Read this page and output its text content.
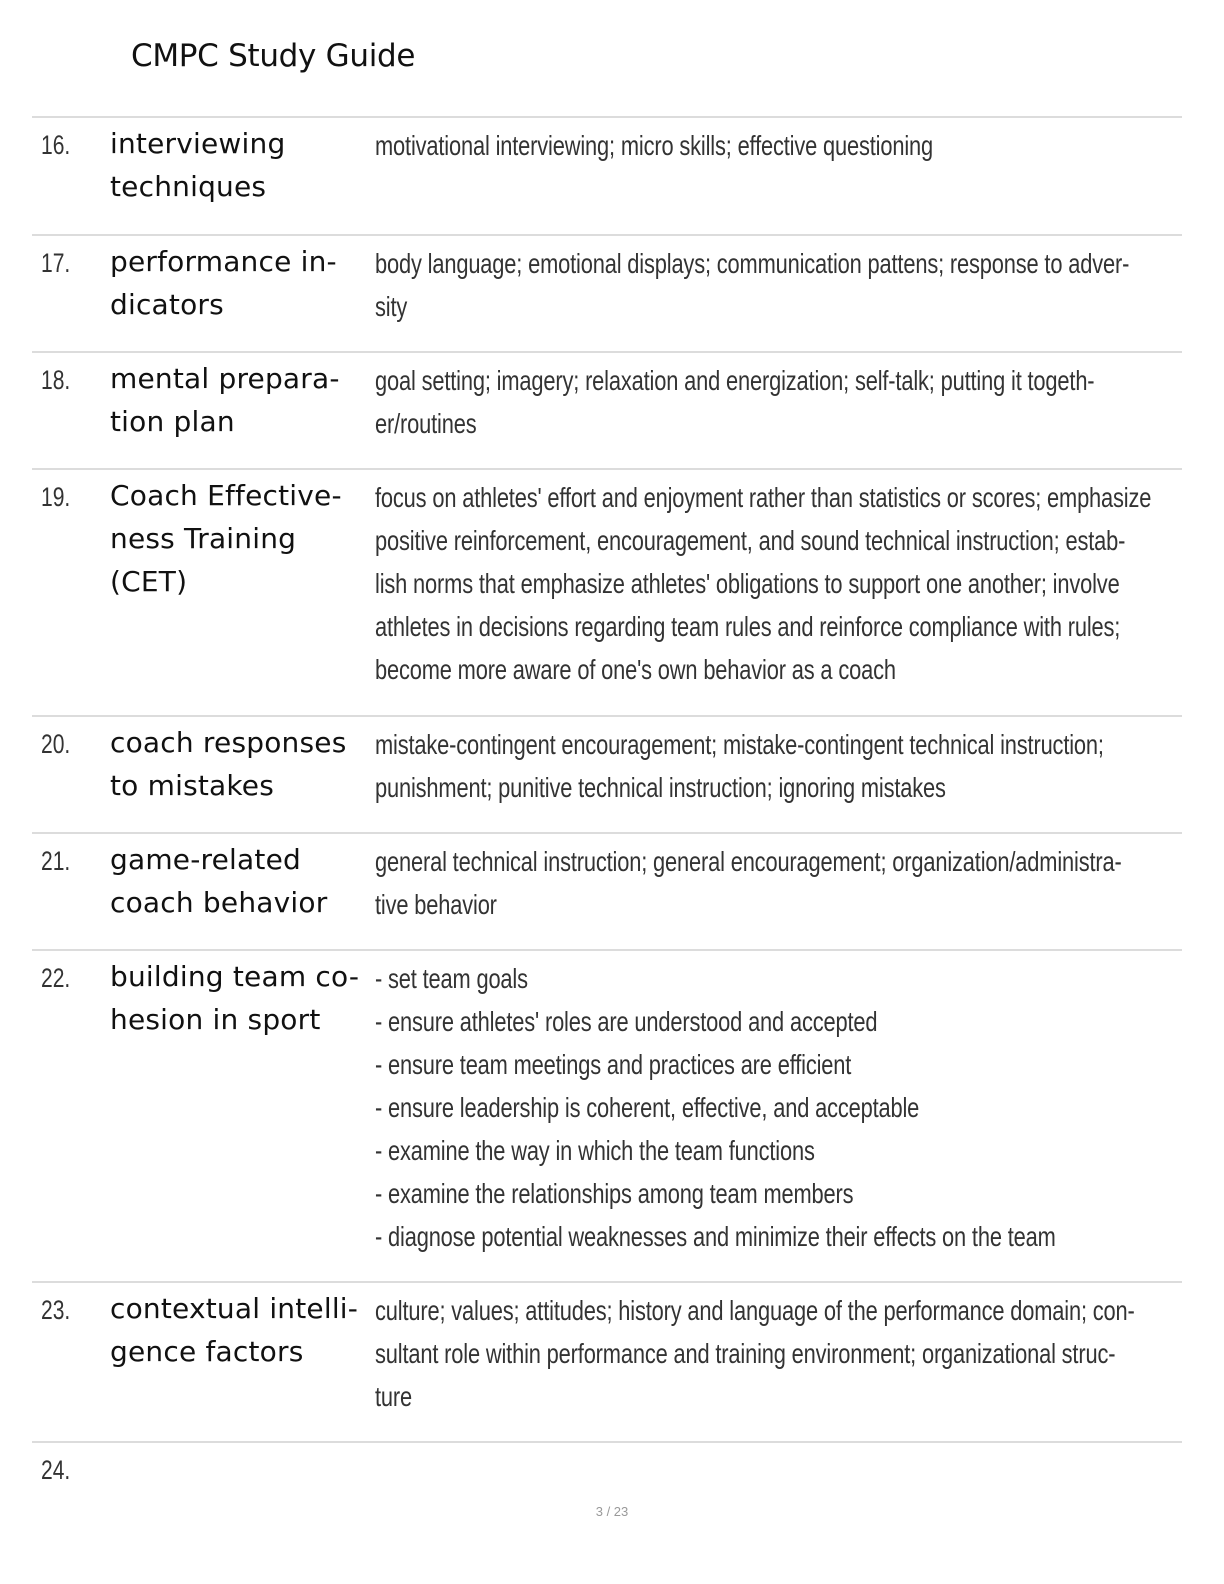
CMPC Study Guide
16. interviewing
techniques
motivational interviewing; micro skills; effective questioning
17. performance in-
dicators
body language; emotional displays; communication pattens; response to adver-
sity
18. mental prepara-
tion plan
goal setting; imagery; relaxation and energization; self-talk; putting it togeth-
er/routines
19. Coach Effective-
ness Training
(CET)
focus on athletes' effort and enjoyment rather than statistics or scores; emphasize
positive reinforcement, encouragement, and sound technical instruction; estab-
lish norms that emphasize athletes' obligations to support one another; involve
athletes in decisions regarding team rules and reinforce compliance with rules;
become more aware of one's own behavior as a coach
20. coach responses
to mistakes
mistake-contingent encouragement; mistake-contingent technical instruction;
punishment; punitive technical instruction; ignoring mistakes
21. game-related
coach behavior
general technical instruction; general encouragement; organization/administra-
tive behavior
22. building team co-
hesion in sport
- set team goals
- ensure athletes' roles are understood and accepted
- ensure team meetings and practices are efficient
- ensure leadership is coherent, effective, and acceptable
- examine the way in which the team functions
- examine the relationships among team members
- diagnose potential weaknesses and minimize their effects on the team
23. contextual intelli-
gence factors
culture; values; attitudes; history and language of the performance domain; con-
sultant role within performance and training environment; organizational struc-
ture
24.
3 / 23
